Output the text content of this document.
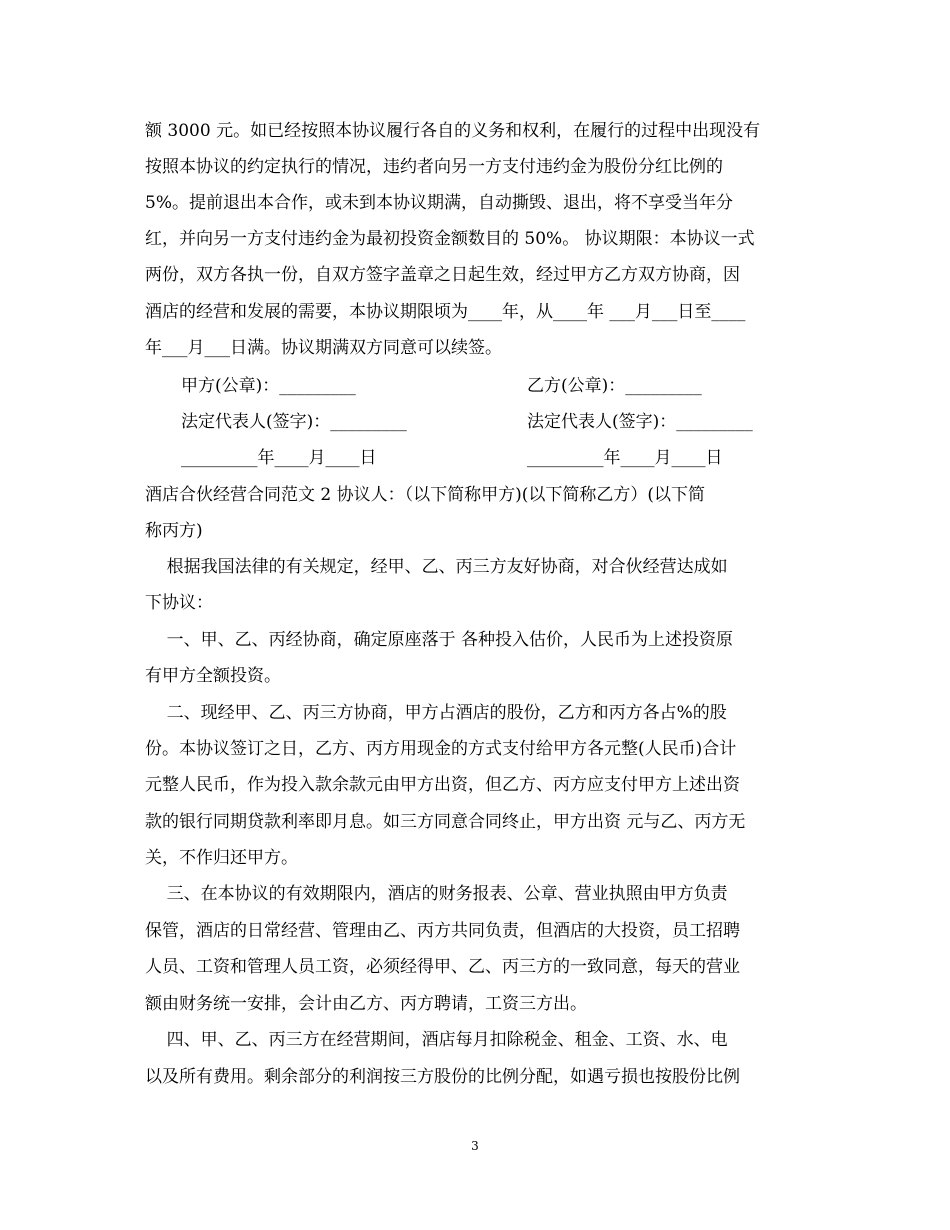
额 3000 元。如已经按照本协议履行各自的义务和权利，在履行的过程中出现没有
按照本协议的约定执行的情况，违约者向另一方支付违约金为股份分红比例的
5%。提前退出本合作，或未到本协议期满，自动撕毁、退出，将不享受当年分
红，并向另一方支付违约金为最初投资金额数目的 50%。 协议期限：本协议一式
两份，双方各执一份，自双方签字盖章之日起生效，经过甲方乙方双方协商，因
酒店的经营和发展的需要，本协议期限顷为____年，从____年 ___月___日至____
年___月___日满。协议期满双方同意可以续签。
甲方(公章)：_________	乙方(公章)：_________
法定代表人(签字)：_________	法定代表人(签字)：_________
_________年____月____日	_________年____月____日
酒店合伙经营合同范文 2 协议人：（以下简称甲方)(以下简称乙方）(以下简
称丙方)
根据我国法律的有关规定，经甲、乙、丙三方友好协商，对合伙经营达成如
下协议：
一、甲、乙、丙经协商，确定原座落于 各种投入估价，人民币为上述投资原
有甲方全额投资。
二、现经甲、乙、丙三方协商，甲方占酒店的股份，乙方和丙方各占%的股
份。本协议签订之日，乙方、丙方用现金的方式支付给甲方各元整(人民币)合计
元整人民币，作为投入款余款元由甲方出资，但乙方、丙方应支付甲方上述出资
款的银行同期贷款利率即月息。如三方同意合同终止，甲方出资 元与乙、丙方无
关，不作归还甲方。
三、在本协议的有效期限内，酒店的财务报表、公章、营业执照由甲方负责
保管，酒店的日常经营、管理由乙、丙方共同负责，但酒店的大投资，员工招聘
人员、工资和管理人员工资，必须经得甲、乙、丙三方的一致同意，每天的营业
额由财务统一安排，会计由乙方、丙方聘请，工资三方出。
四、甲、乙、丙三方在经营期间，酒店每月扣除税金、租金、工资、水、电
以及所有费用。剩余部分的利润按三方股份的比例分配，如遇亏损也按股份比例
3
